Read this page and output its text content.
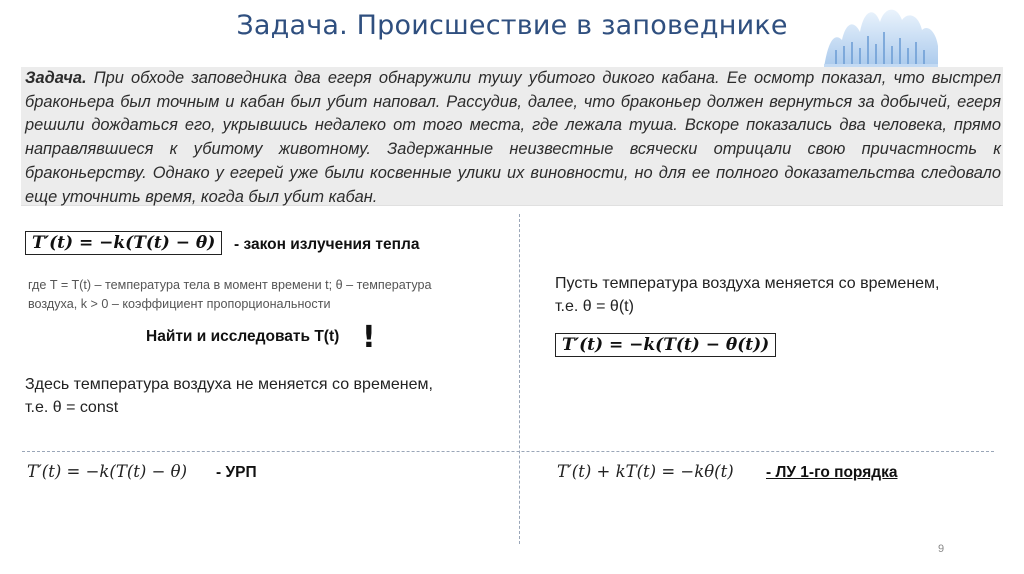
Задача. Происшествие в заповеднике
Задача. При обходе заповедника два егеря обнаружили тушу убитого дикого кабана. Ее осмотр показал, что выстрел браконьера был точным и кабан был убит наповал. Рассудив, далее, что браконьер должен вернуться за добычей, егеря решили дождаться его, укрывшись недалеко от того места, где лежала туша. Вскоре показались два человека, прямо направлявшиеся к убитому животному. Задержанные неизвестные всячески отрицали свою причастность к браконьерству. Однако у егерей уже были косвенные улики их виновности, но для ее полного доказательства следовало еще уточнить время, когда был убит кабан.
T′(t) = −k(T(t) − θ)	- закон излучения тепла
где T = T(t) – температура тела в момент времени t; θ – температура
воздуха, k > 0 – коэффициент пропорциональности
Найти и исследовать T(t) !
Здесь температура воздуха не меняется со временем,
т.е. θ = const
T′(t) = −k(T(t) − θ) - УРП
Пусть температура воздуха меняется со временем,
т.е. θ = θ(t)
T′(t) = −k(T(t) − θ(t))
T′(t) + kT(t) = −kθ(t) - ЛУ 1-го порядка
9
